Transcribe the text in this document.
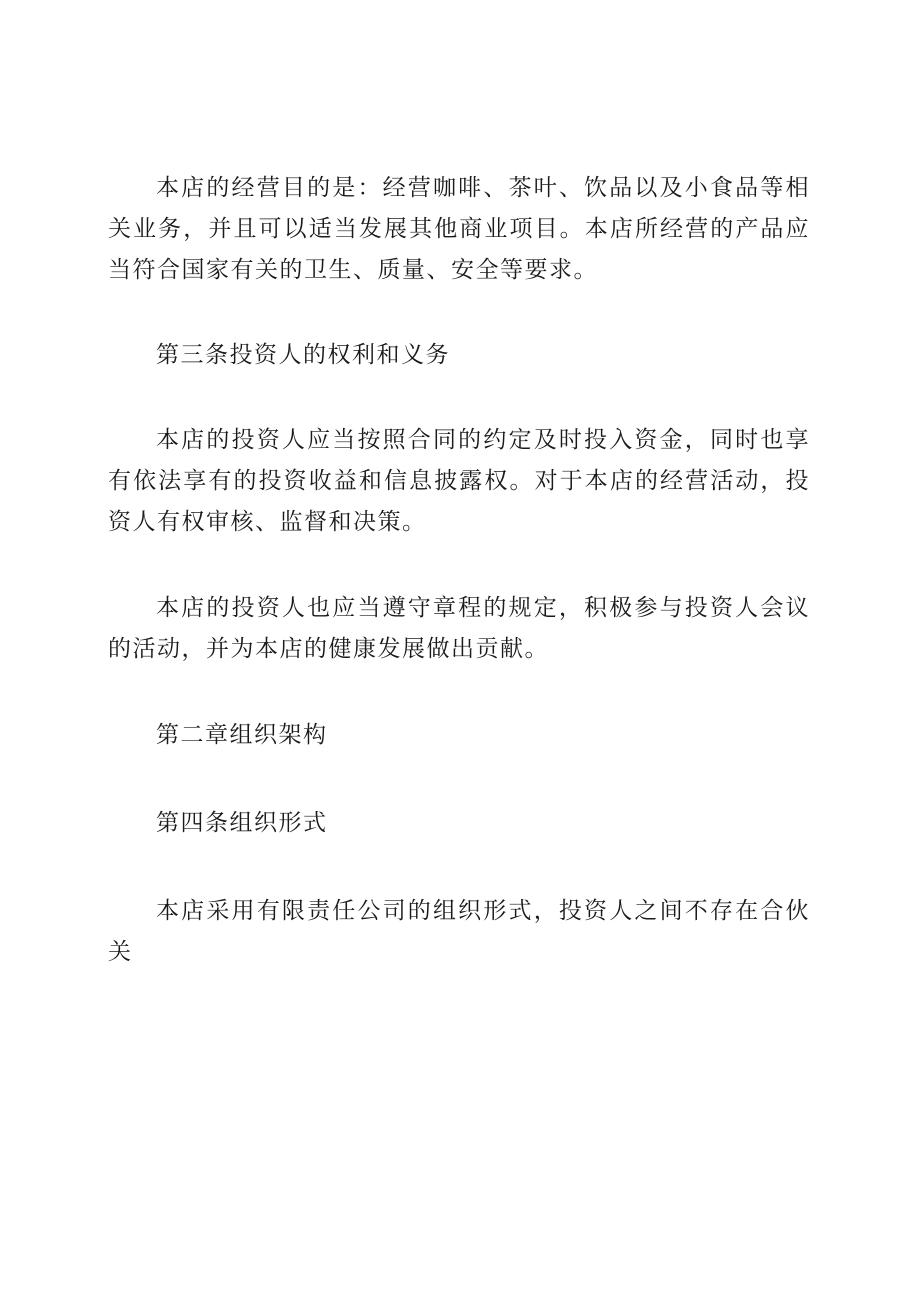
本店的经营目的是：经营咖啡、茶叶、饮品以及小食品等相关业务，并且可以适当发展其他商业项目。本店所经营的产品应当符合国家有关的卫生、质量、安全等要求。

第三条投资人的权利和义务

本店的投资人应当按照合同的约定及时投入资金，同时也享有依法享有的投资收益和信息披露权。对于本店的经营活动，投资人有权审核、监督和决策。

本店的投资人也应当遵守章程的规定，积极参与投资人会议的活动，并为本店的健康发展做出贡献。

第二章组织架构

第四条组织形式

本店采用有限责任公司的组织形式，投资人之间不存在合伙关
